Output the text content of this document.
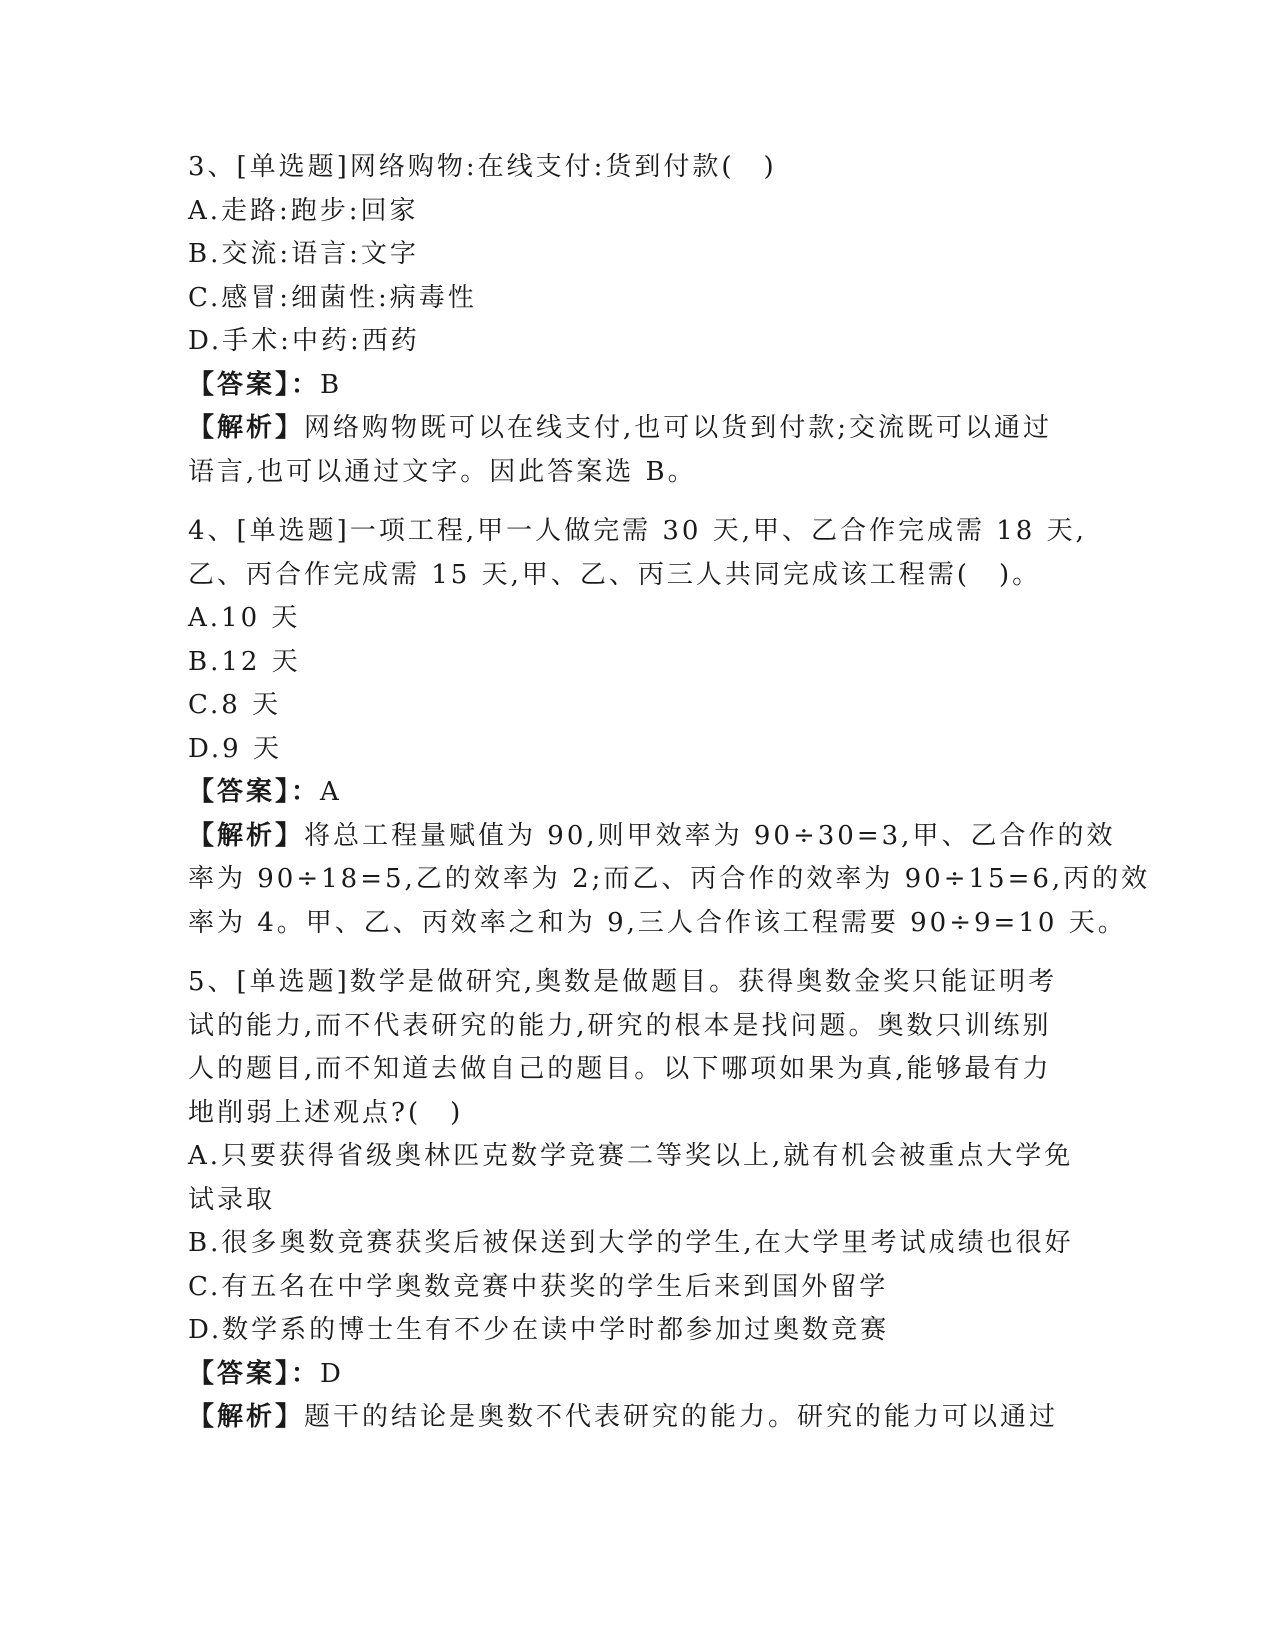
3、[单选题]网络购物:在线支付:货到付款(　)
A.走路:跑步:回家
B.交流:语言:文字
C.感冒:细菌性:病毒性
D.手术:中药:西药
【答案】：B
【解析】网络购物既可以在线支付,也可以货到付款;交流既可以通过
语言,也可以通过文字。因此答案选 B。
4、[单选题]一项工程,甲一人做完需 30 天,甲、乙合作完成需 18 天,
乙、丙合作完成需 15 天,甲、乙、丙三人共同完成该工程需(　)。
A.10 天
B.12 天
C.8 天
D.9 天
【答案】：A
【解析】将总工程量赋值为 90,则甲效率为 90÷30=3,甲、乙合作的效
率为 90÷18=5,乙的效率为 2;而乙、丙合作的效率为 90÷15=6,丙的效
率为 4。甲、乙、丙效率之和为 9,三人合作该工程需要 90÷9=10 天。
5、[单选题]数学是做研究,奥数是做题目。获得奥数金奖只能证明考
试的能力,而不代表研究的能力,研究的根本是找问题。奥数只训练别
人的题目,而不知道去做自己的题目。以下哪项如果为真,能够最有力
地削弱上述观点?(　)
A.只要获得省级奥林匹克数学竞赛二等奖以上,就有机会被重点大学免
试录取
B.很多奥数竞赛获奖后被保送到大学的学生,在大学里考试成绩也很好
C.有五名在中学奥数竞赛中获奖的学生后来到国外留学
D.数学系的博士生有不少在读中学时都参加过奥数竞赛
【答案】：D
【解析】题干的结论是奥数不代表研究的能力。研究的能力可以通过
